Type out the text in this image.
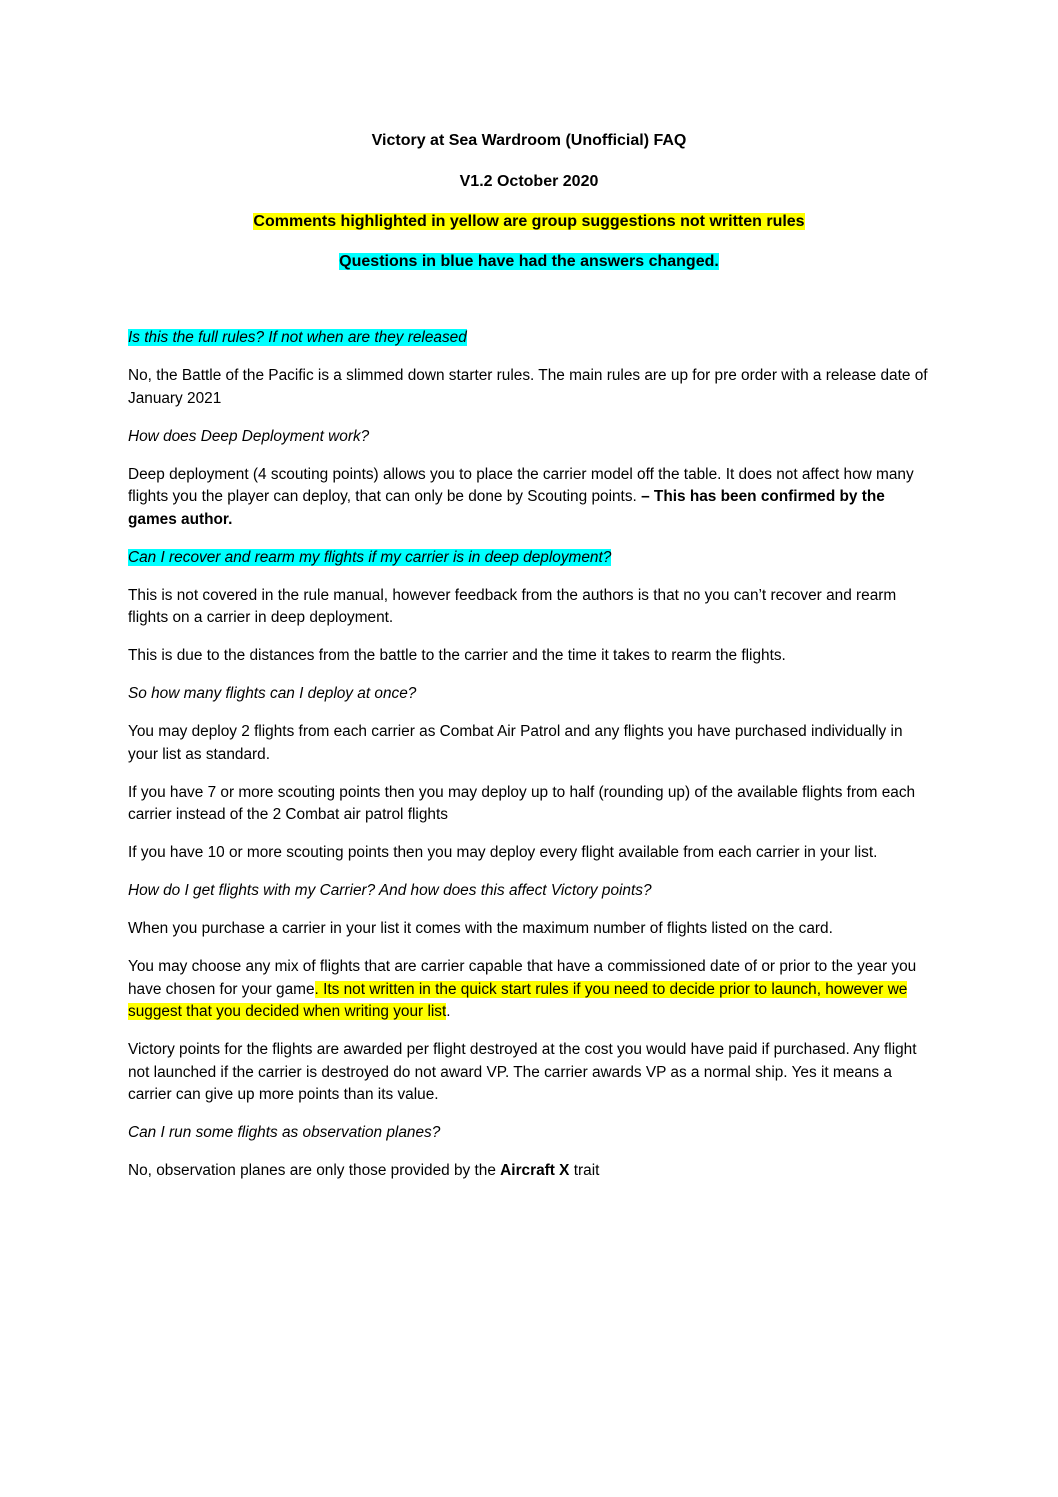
Victory at Sea Wardroom (Unofficial) FAQ
V1.2 October 2020
Comments highlighted in yellow are group suggestions not written rules
Questions in blue have had the answers changed.

Is this the full rules? If not when are they released

No, the Battle of the Pacific is a slimmed down starter rules. The main rules are up for pre order with a release date of January 2021

How does Deep Deployment work?

Deep deployment (4 scouting points) allows you to place the carrier model off the table. It does not affect how many flights you the player can deploy, that can only be done by Scouting points. – This has been confirmed by the games author.

Can I recover and rearm my flights if my carrier is in deep deployment?

This is not covered in the rule manual, however feedback from the authors is that no you can’t recover and rearm flights on a carrier in deep deployment.

This is due to the distances from the battle to the carrier and the time it takes to rearm the flights.

So how many flights can I deploy at once?

You may deploy 2 flights from each carrier as Combat Air Patrol and any flights you have purchased individually in your list as standard.

If you have 7 or more scouting points then you may deploy up to half (rounding up) of the available flights from each carrier instead of the 2 Combat air patrol flights

If you have 10 or more scouting points then you may deploy every flight available from each carrier in your list.

How do I get flights with my Carrier? And how does this affect Victory points?

When you purchase a carrier in your list it comes with the maximum number of flights listed on the card.

You may choose any mix of flights that are carrier capable that have a commissioned date of or prior to the year you have chosen for your game. Its not written in the quick start rules if you need to decide prior to launch, however we suggest that you decided when writing your list.

Victory points for the flights are awarded per flight destroyed at the cost you would have paid if purchased. Any flight not launched if the carrier is destroyed do not award VP. The carrier awards VP as a normal ship. Yes it means a carrier can give up more points than its value.

Can I run some flights as observation planes?

No, observation planes are only those provided by the Aircraft X trait
